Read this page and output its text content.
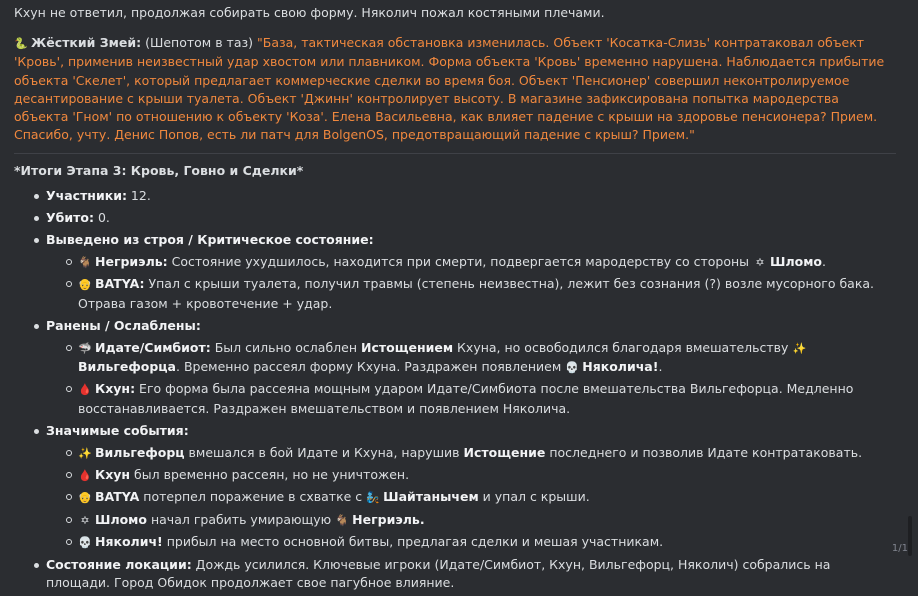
Кхун не ответил, продолжая собирать свою форму. Няколич пожал костяными плечами.

🐍 Жёсткий Змей: (Шепотом в таз) "База, тактическая обстановка изменилась. Объект 'Косатка-Слизь' контратаковал объект 'Кровь', применив неизвестный удар хвостом или плавником. Форма объекта 'Кровь' временно нарушена. Наблюдается прибытие объекта 'Скелет', который предлагает коммерческие сделки во время боя. Объект 'Пенсионер' совершил неконтролируемое десантирование с крыши туалета. Объект 'Джинн' контролирует высоту. В магазине зафиксирована попытка мародерства объекта 'Гном' по отношению к объекту 'Коза'. Елена Васильевна, как влияет падение с крыши на здоровье пенсионера? Прием. Спасибо, учту. Денис Попов, есть ли патч для BolgenOS, предотвращающий падение с крыш? Прием."

*Итоги Этапа 3: Кровь, Говно и Сделки*

Участники: 12.
Убито: 0.
Выведено из строя / Критическое состояние:
🐐 Негриэль: Состояние ухудшилось, находится при смерти, подвергается мародерству со стороны ✡ Шломо.
👴 BATYA: Упал с крыши туалета, получил травмы (степень неизвестна), лежит без сознания (?) возле мусорного бака. Отрава газом + кровотечение + удар.
Ранены / Ослаблены:
🦈 Идате/Симбиот: Был сильно ослаблен Истощением Кхуна, но освободился благодаря вмешательству ✨Вильгефорца. Временно рассеял форму Кхуна. Раздражен появлением 💀 Няколича!.
🩸 Кхун: Его форма была рассеяна мощным ударом Идате/Симбиота после вмешательства Вильгефорца. Медленно восстанавливается. Раздражен вмешательством и появлением Няколича.
Значимые события:
✨ Вильгефорц вмешался в бой Идате и Кхуна, нарушив Истощение последнего и позволив Идате контратаковать.
🩸 Кхун был временно рассеян, но не уничтожен.
👴 BATYA потерпел поражение в схватке с 🧞 Шайтанычем и упал с крыши.
✡ Шломо начал грабить умирающую 🐐 Негриэль.
💀 Няколич! прибыл на место основной битвы, предлагая сделки и мешая участникам.
Состояние локации: Дождь усилился. Ключевые игроки (Идате/Симбиот, Кхун, Вильгефорц, Няколич) собрались на площади. Город Обидок продолжает свое пагубное влияние.
1/1
